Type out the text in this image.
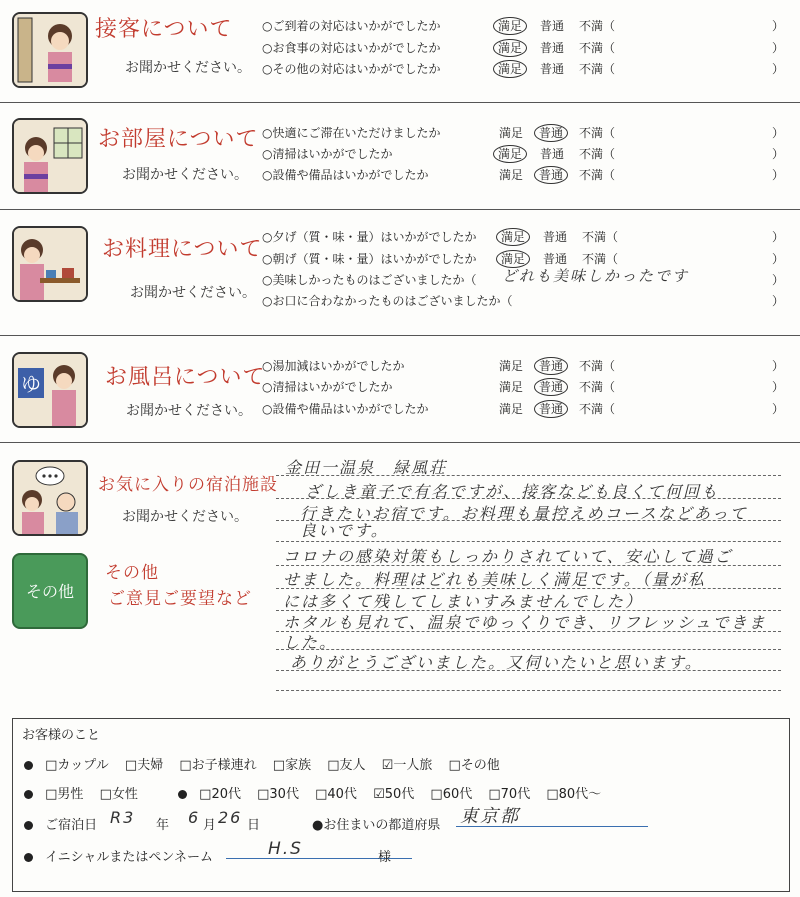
接客について
お聞かせください。
○ご到着の対応はいかがでしたか	満足 普通 不満（	）
○お食事の対応はいかがでしたか	満足 普通 不満（	）
○その他の対応はいかがでしたか	満足 普通 不満（	）
お部屋について
お聞かせください。
○快適にご滞在いただけましたか	満足 普通 不満（	）
○清掃はいかがでしたか	満足 普通 不満（	）
○設備や備品はいかがでしたか	満足 普通 不満（	）
お料理について
お聞かせください。
○夕げ（質・味・量）はいかがでしたか 満足 普通 不満（	）
○朝げ（質・味・量）はいかがでしたか 満足 普通 不満（	）
○美味しかったものはございましたか（ どれも美味しかったです	）
○お口に合わなかったものはございましたか（	）
ゆ	お風呂について
お聞かせください。
○湯加減はいかがでしたか	満足 普通 不満（	）
○清掃はいかがでしたか	満足 普通 不満（	）
○設備や備品はいかがでしたか	満足 普通 不満（	）
お気に入りの宿泊施設
お聞かせください。
金田一温泉　緑風荘
ざしき童子で有名ですが、接客なども良くて何回も
行きたいお宿です。お料理も量控えめコースなどあって
良いです。
その他
その他
ご意見ご要望など
コロナの感染対策もしっかりされていて、安心して過ご
せました。料理はどれも美味しく満足です。（量が私
には多くて残してしまいすみませんでした）
ホタルも見れて、温泉でゆっくりでき、リフレッシュできま
した。
ありがとうございました。又伺いたいと思います。
お客様のこと
□カップル □夫婦 □お子様連れ □家族 □友人 ☑一人旅 □その他
□男性 □女性	□20代 □30代 □40代 ☑50代 □60代 □70代 □80代〜
ご宿泊日 R3 年 6 月 26 日	●お住まいの都道府県 東京都
イニシャルまたはペンネーム	H.S	様
